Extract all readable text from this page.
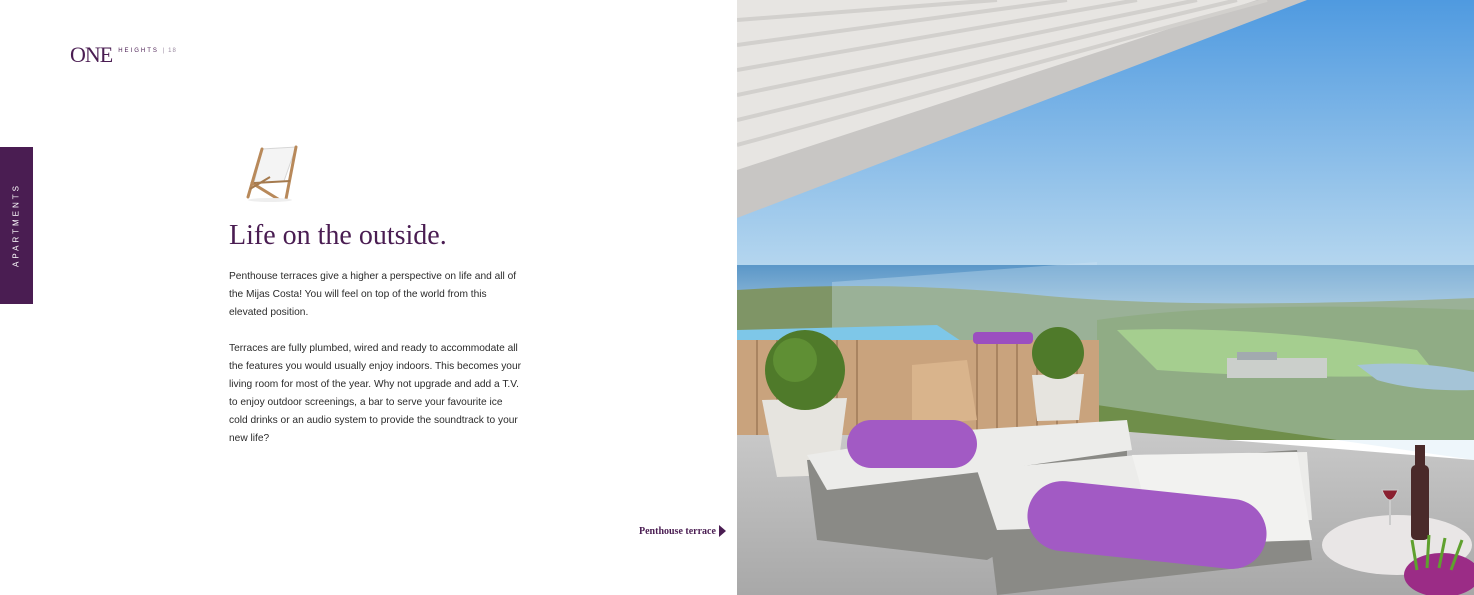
ONE HEIGHTS | 18
APARTMENTS	Life on the outside.

Penthouse terraces give a higher a perspective on life and all of the Mijas Costa! You will feel on top of the world from this elevated position.

Terraces are fully plumbed, wired and ready to accommodate all the features you would usually enjoy indoors. This becomes your living room for most of the year. Why not upgrade and add a T.V. to enjoy outdoor screenings, a bar to serve your favourite ice cold drinks or an audio system to provide the soundtrack to your new life?

Penthouse terrace
